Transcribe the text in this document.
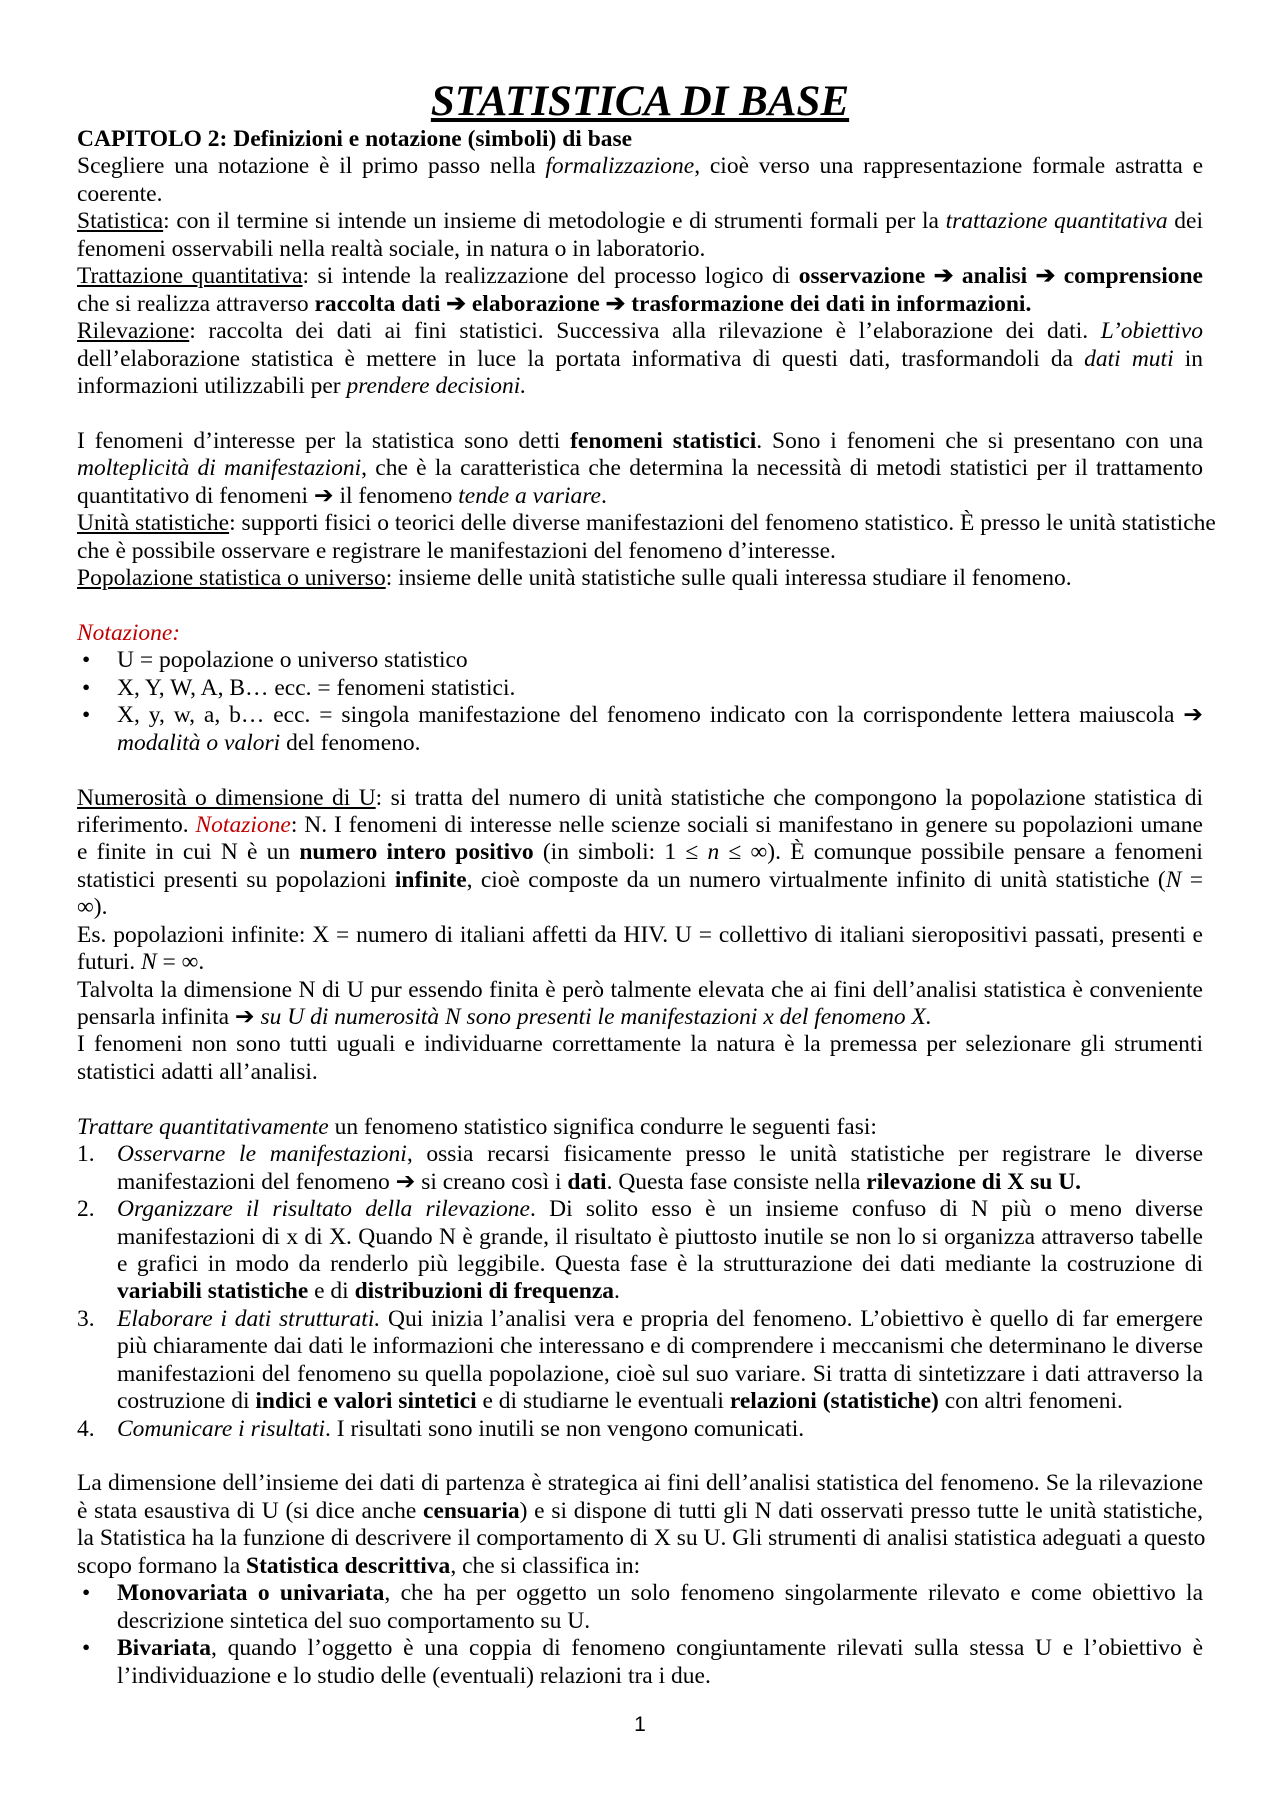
STATISTICA DI BASE
CAPITOLO 2: Definizioni e notazione (simboli) di base
Scegliere una notazione è il primo passo nella formalizzazione, cioè verso una rappresentazione formale astratta e
coerente.
Statistica: con il termine si intende un insieme di metodologie e di strumenti formali per la trattazione quantitativa dei
fenomeni osservabili nella realtà sociale, in natura o in laboratorio.
Trattazione quantitativa: si intende la realizzazione del processo logico di osservazione ➔ analisi ➔ comprensione
che si realizza attraverso raccolta dati ➔ elaborazione ➔ trasformazione dei dati in informazioni.
Rilevazione: raccolta dei dati ai fini statistici. Successiva alla rilevazione è l’elaborazione dei dati. L’obiettivo
dell’elaborazione statistica è mettere in luce la portata informativa di questi dati, trasformandoli da dati muti in
informazioni utilizzabili per prendere decisioni.
I fenomeni d’interesse per la statistica sono detti fenomeni statistici. Sono i fenomeni che si presentano con una
molteplicità di manifestazioni, che è la caratteristica che determina la necessità di metodi statistici per il trattamento
quantitativo di fenomeni ➔ il fenomeno tende a variare.
Unità statistiche: supporti fisici o teorici delle diverse manifestazioni del fenomeno statistico. È presso le unità statistiche
che è possibile osservare e registrare le manifestazioni del fenomeno d’interesse.
Popolazione statistica o universo: insieme delle unità statistiche sulle quali interessa studiare il fenomeno.
Notazione:
• U = popolazione o universo statistico
• X, Y, W, A, B… ecc. = fenomeni statistici.
• X, y, w, a, b… ecc. = singola manifestazione del fenomeno indicato con la corrispondente lettera maiuscola ➔
modalità o valori del fenomeno.
Numerosità o dimensione di U: si tratta del numero di unità statistiche che compongono la popolazione statistica di
riferimento. Notazione: N. I fenomeni di interesse nelle scienze sociali si manifestano in genere su popolazioni umane
e finite in cui N è un numero intero positivo (in simboli: 1 ≤ n ≤ ∞). È comunque possibile pensare a fenomeni
statistici presenti su popolazioni infinite, cioè composte da un numero virtualmente infinito di unità statistiche (N =
∞).
Es. popolazioni infinite: X = numero di italiani affetti da HIV. U = collettivo di italiani sieropositivi passati, presenti e
futuri. N = ∞.
Talvolta la dimensione N di U pur essendo finita è però talmente elevata che ai fini dell’analisi statistica è conveniente
pensarla infinita ➔ su U di numerosità N sono presenti le manifestazioni x del fenomeno X.
I fenomeni non sono tutti uguali e individuarne correttamente la natura è la premessa per selezionare gli strumenti
statistici adatti all’analisi.
Trattare quantitativamente un fenomeno statistico significa condurre le seguenti fasi:
1. Osservarne le manifestazioni, ossia recarsi fisicamente presso le unità statistiche per registrare le diverse
manifestazioni del fenomeno ➔ si creano così i dati. Questa fase consiste nella rilevazione di X su U.
2. Organizzare il risultato della rilevazione. Di solito esso è un insieme confuso di N più o meno diverse
manifestazioni di x di X. Quando N è grande, il risultato è piuttosto inutile se non lo si organizza attraverso tabelle
e grafici in modo da renderlo più leggibile. Questa fase è la strutturazione dei dati mediante la costruzione di
variabili statistiche e di distribuzioni di frequenza.
3. Elaborare i dati strutturati. Qui inizia l’analisi vera e propria del fenomeno. L’obiettivo è quello di far emergere
più chiaramente dai dati le informazioni che interessano e di comprendere i meccanismi che determinano le diverse
manifestazioni del fenomeno su quella popolazione, cioè sul suo variare. Si tratta di sintetizzare i dati attraverso la
costruzione di indici e valori sintetici e di studiarne le eventuali relazioni (statistiche) con altri fenomeni.
4. Comunicare i risultati. I risultati sono inutili se non vengono comunicati.
La dimensione dell’insieme dei dati di partenza è strategica ai fini dell’analisi statistica del fenomeno. Se la rilevazione
è stata esaustiva di U (si dice anche censuaria) e si dispone di tutti gli N dati osservati presso tutte le unità statistiche,
la Statistica ha la funzione di descrivere il comportamento di X su U. Gli strumenti di analisi statistica adeguati a questo
scopo formano la Statistica descrittiva, che si classifica in:
• Monovariata o univariata, che ha per oggetto un solo fenomeno singolarmente rilevato e come obiettivo la
descrizione sintetica del suo comportamento su U.
• Bivariata, quando l’oggetto è una coppia di fenomeno congiuntamente rilevati sulla stessa U e l’obiettivo è
l’individuazione e lo studio delle (eventuali) relazioni tra i due.
1
